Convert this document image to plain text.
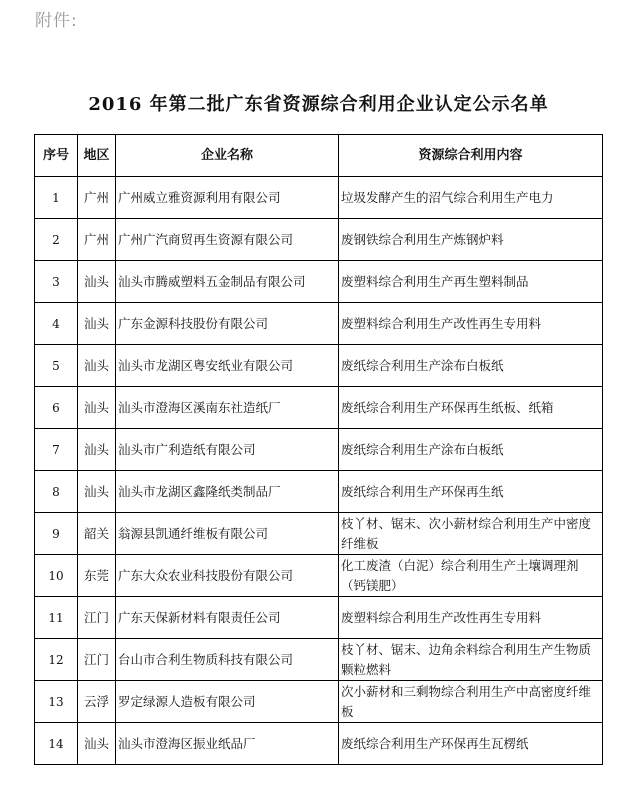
附件:
2016 年第二批广东省资源综合利用企业认定公示名单
序号	地区	企业名称	资源综合利用内容
1	广州	广州威立雅资源利用有限公司	垃圾发酵产生的沼气综合利用生产电力
2	广州	广州广汽商贸再生资源有限公司	废钢铁综合利用生产炼钢炉料
3	汕头	汕头市腾威塑料五金制品有限公司	废塑料综合利用生产再生塑料制品
4	汕头	广东金源科技股份有限公司	废塑料综合利用生产改性再生专用料
5	汕头	汕头市龙湖区粤安纸业有限公司	废纸综合利用生产涂布白板纸
6	汕头	汕头市澄海区溪南东社造纸厂	废纸综合利用生产环保再生纸板、纸箱
7	汕头	汕头市广利造纸有限公司	废纸综合利用生产涂布白板纸
8	汕头	汕头市龙湖区鑫隆纸类制品厂	废纸综合利用生产环保再生纸
9	韶关	翁源县凯通纤维板有限公司	枝丫材、锯末、次小薪材综合利用生产中密度纤维板
10	东莞	广东大众农业科技股份有限公司	化工废渣（白泥）综合利用生产土壤调理剂（钙镁肥）
11	江门	广东天保新材料有限责任公司	废塑料综合利用生产改性再生专用料
12	江门	台山市合利生物质科技有限公司	枝丫材、锯末、边角余料综合利用生产生物质颗粒燃料
13	云浮	罗定绿源人造板有限公司	次小薪材和三剩物综合利用生产中高密度纤维板
14	汕头	汕头市澄海区振业纸品厂	废纸综合利用生产环保再生瓦楞纸
